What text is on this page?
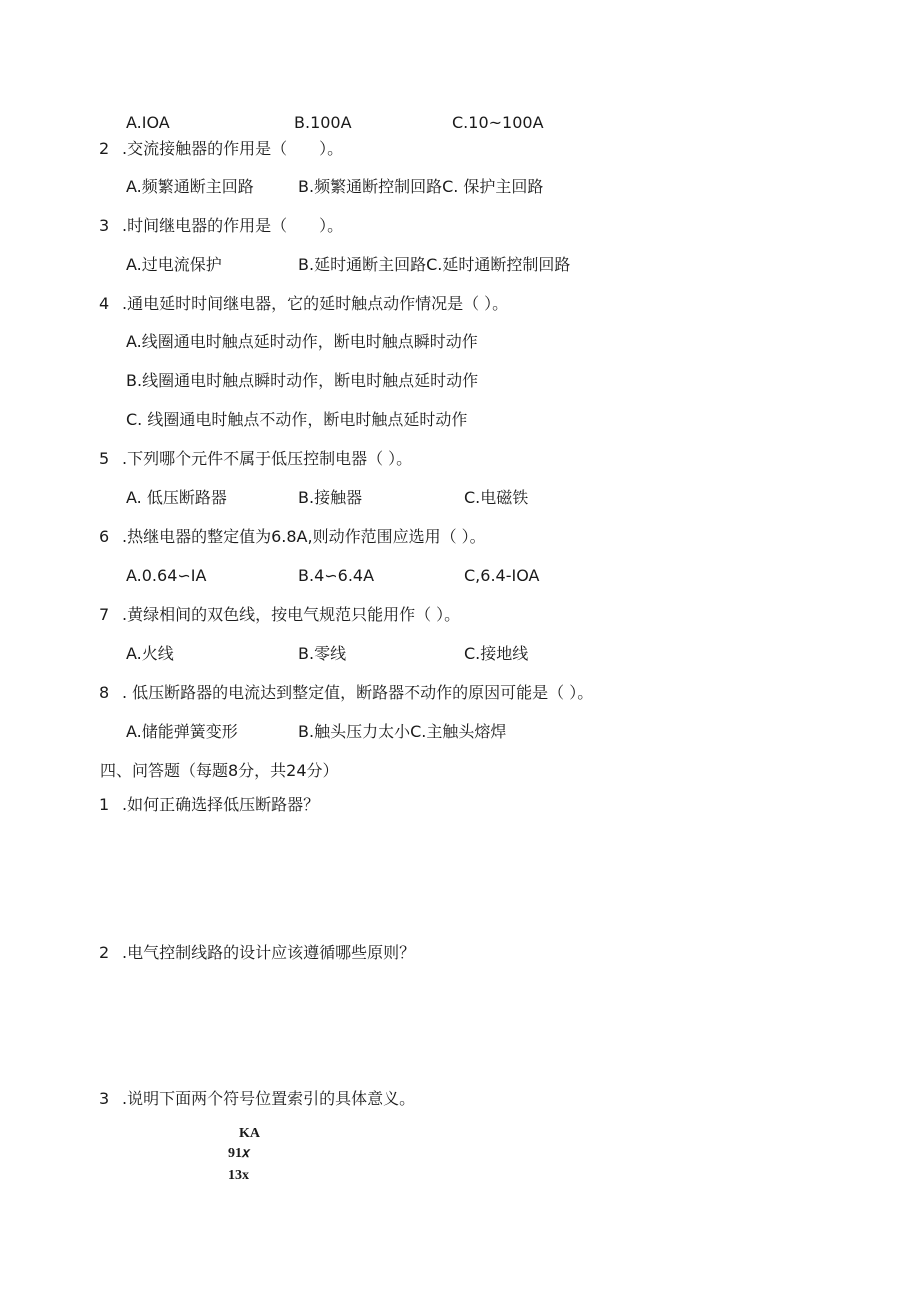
A.IOA	B.100A	C.10~100A
2 .交流接触器的作用是（　　）。
A.频繁通断主回路	B.频繁通断控制回路C. 保护主回路
3 .时间继电器的作用是（　　）。
A.过电流保护	B.延时通断主回路C.延时通断控制回路
4 .通电延时时间继电器，它的延时触点动作情况是（ ）。
A.线圈通电时触点延时动作，断电时触点瞬时动作
B.线圈通电时触点瞬时动作，断电时触点延时动作
C. 线圈通电时触点不动作，断电时触点延时动作
5 .下列哪个元件不属于低压控制电器（ ）。
A. 低压断路器	B.接触器	C.电磁铁
6 .热继电器的整定值为6.8A,则动作范围应选用（ ）。
A.0.64∽IA	B.4∽6.4A	C,6.4-IOA
7 .黄绿相间的双色线，按电气规范只能用作（ ）。
A.火线	B.零线	C.接地线
8 . 低压断路器的电流达到整定值，断路器不动作的原因可能是（ ）。
A.储能弹簧变形	B.触头压力太小C.主触头熔焊
四、问答题（每题8分，共24分）
1 .如何正确选择低压断路器？
2 .电气控制线路的设计应该遵循哪些原则？
3 .说明下面两个符号位置索引的具体意义。
KA
91𝑥
13x
